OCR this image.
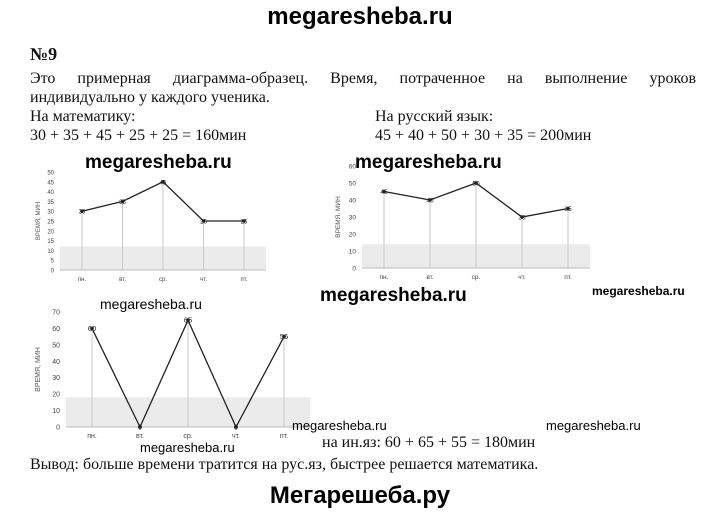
megaresheba.ru
№9
Это примерная диаграмма-образец. Время, потраченное на выполнение уроков
индивидуально у каждого ученика.
На математику:
30 + 35 + 45 + 25 + 25 = 160мин
На русский язык:
45 + 40 + 50 + 30 + 35 = 200мин
0
5
10
15
20
25
30
35
40
45
50
ВРЕМЯ, МИН
пн.	вт.	ср.	чт.	пт.
30
35
45
25	25
0
10
20
30
40
50
60
ВРЕМЯ, МИН
пн.	вт.	ср.	чт.	пт.
45
40
50
30
35
0
10
20
30
40
50
60
70
ВРЕМЯ, МИН
пн.	вт.	ср.	чт.	пт.
60
0
65
0
55
megaresheba.ru	megaresheba.ru
megaresheba.ru
megaresheba.ru
megaresheba.ru
megaresheba.ru	megaresheba.ru
megaresheba.ru	на ин.яз: 60 + 65 + 55 = 180мин
Вывод: больше времени тратится на рус.яз, быстрее решается математика.
Мегарешеба.ру
